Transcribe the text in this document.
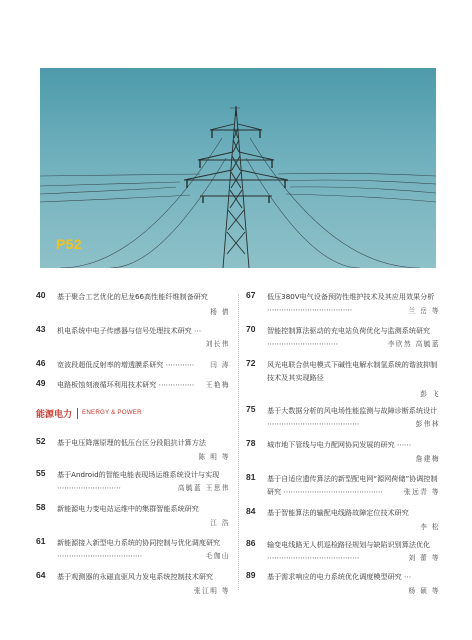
P52
40	基于聚合工艺优化的尼龙66高性能纤维制备研究
杨 倩
43	机电系统中电子传感器与信号处理技术研究 ⋯
刘长伟
46	宽波段超低反射率的增透膜系研究 ⋯⋯⋯⋯	闫 涛
49	电路板蚀刻液循环利用技术研究 ⋯⋯⋯⋯⋯	王艳梅
能源电力 ENERGY & POWER
52	基于电压降落原理的低压台区分段阻抗计算方法
陈 明 等
55	基于Android的智能电能表现场运维系统设计与实现 ⋯⋯⋯⋯⋯⋯⋯⋯⋯	高毓蓝 王思伟
58	新能源电力变电站运维中的集群智能系统研究
江 浩
61	新能源接入新型电力系统的协同控制与优化调度研究 ⋯⋯⋯⋯⋯⋯⋯⋯⋯⋯⋯⋯	毛伽山
64	基于观测器的永磁直驱风力发电系统控制技术研究
张江明 等
67	低压380V电气设备预防性维护技术及其应用效果分析 ⋯⋯⋯⋯⋯⋯⋯⋯⋯⋯⋯⋯	兰 岳 等
70	智能控制算法驱动的充电站负荷优化与监测系统研究 ⋯⋯⋯⋯⋯⋯⋯⋯⋯⋯	李欣然 高毓蓝
72	风光电联合供电模式下碱性电解水制氢系统的谐波抑制技术及其实现路径
彭 飞
75	基于大数据分析的风电场性能监测与故障诊断系统设计 ⋯⋯⋯⋯⋯⋯⋯⋯⋯⋯⋯⋯⋯	彭伟林
78	城市地下管线与电力配网协同发展的研究 ⋯⋯
詹建梅
81	基于自适应遗传算法的新型配电网“源网荷储”协调控制研究 ⋯⋯⋯⋯⋯⋯⋯⋯⋯⋯⋯⋯⋯⋯	张远青 等
84	基于智能算法的输配电线路故障定位技术研究
李 松
86	输变电线路无人机巡检路径规划与缺陷识别算法优化 ⋯⋯⋯⋯⋯⋯⋯⋯⋯⋯⋯⋯⋯	刘 蕾 等
89	基于需求响应的电力系统优化调度模型研究 ⋯
杨 硕 等
